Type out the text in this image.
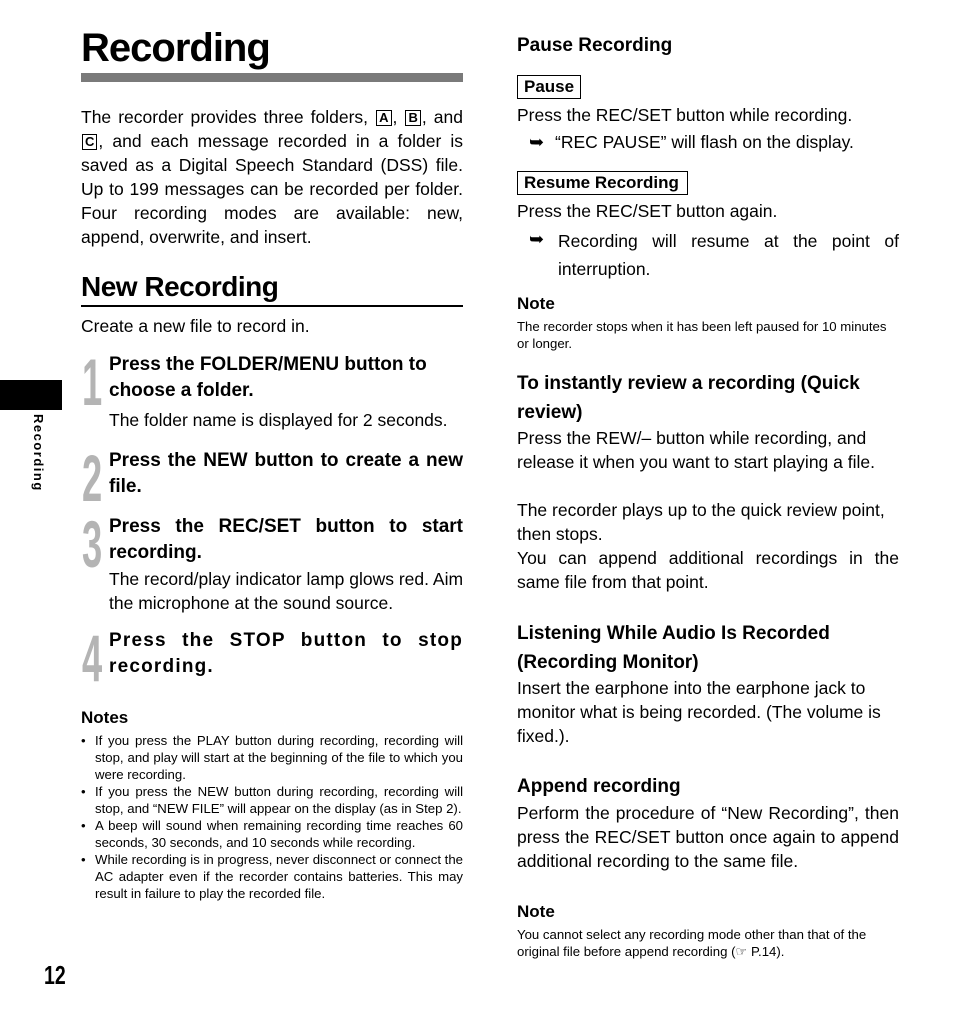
Recording
The recorder provides three folders, A , B , and C , and each message recorded in a folder is saved as a Digital Speech Standard (DSS) file. Up to 199 messages can be recorded per folder. Four recording modes are available: new, append, overwrite, and insert.
New Recording
Create a new file to record in.
1 Press the FOLDER/MENU button to choose a folder.
The folder name is displayed for 2 seconds.
2 Press the NEW button to create a new file.
3 Press the REC/SET button to start recording.
The record/play indicator lamp glows red. Aim the microphone at the sound source.
4 Press the STOP button to stop recording.
Notes
• If you press the PLAY button during recording, recording will stop, and play will start at the beginning of the file to which you were recording.
• If you press the NEW button during recording, recording will stop, and “NEW FILE” will appear on the display (as in Step 2).
• A beep will sound when remaining recording time reaches 60 seconds, 30 seconds, and 10 seconds while recording.
• While recording is in progress, never disconnect or connect the AC adapter even if the recorder contains batteries. This may result in failure to play the recorded file.
Recording
12
Pause Recording
Pause
Press the REC/SET button while recording.
➥ “REC PAUSE” will flash on the display.
Resume Recording
Press the REC/SET button again.
➥ Recording will resume at the point of interruption.
Note
The recorder stops when it has been left paused for 10 minutes or longer.
To instantly review a recording (Quick review)
Press the REW/– button while recording, and release it when you want to start playing a file.
The recorder plays up to the quick review point, then stops.
You can append additional recordings in the same file from that point.
Listening While Audio Is Recorded (Recording Monitor)
Insert the earphone into the earphone jack to monitor what is being recorded. (The volume is fixed.).
Append recording
Perform the procedure of “New Recording”, then press the REC/SET button once again to append additional recording to the same file.
Note
You cannot select any recording mode other than that of the original file before append recording (☞ P.14).
